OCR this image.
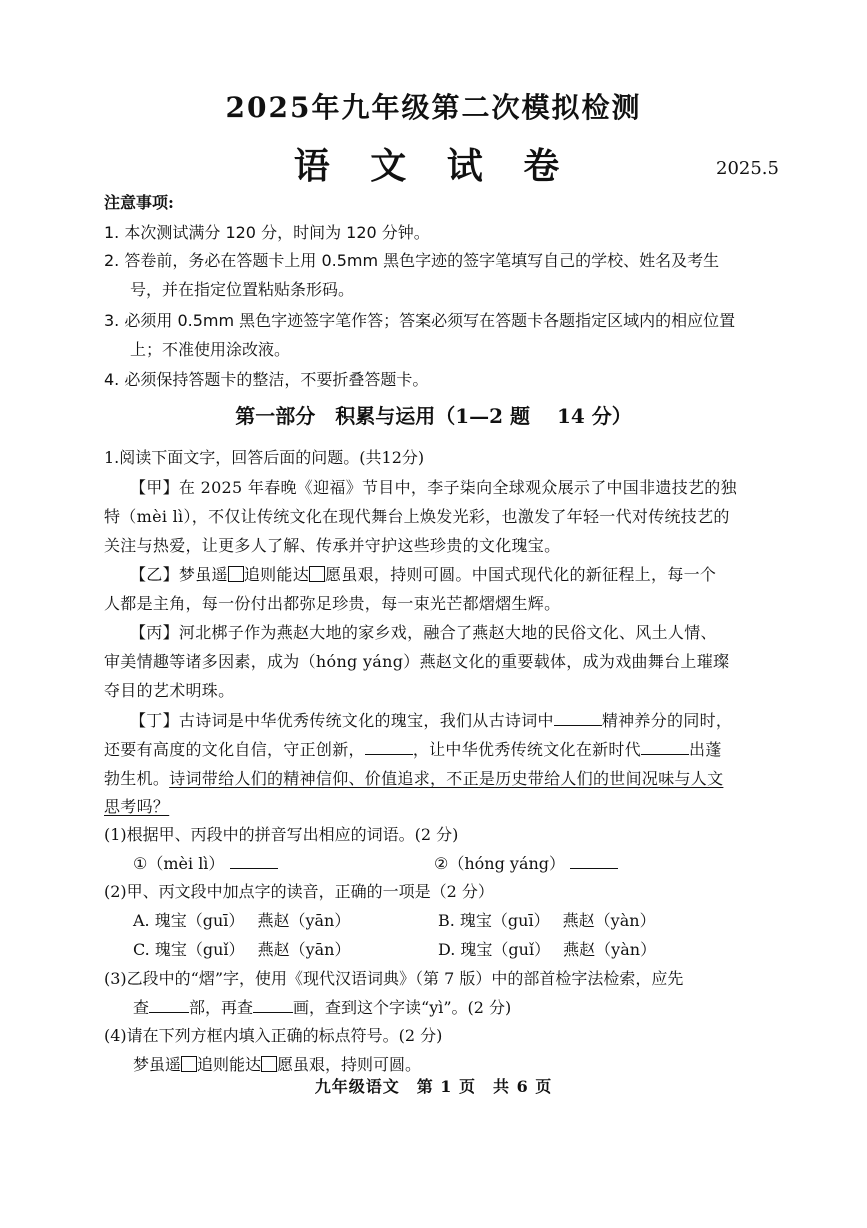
2025年九年级第二次模拟检测
语 文 试 卷	2025.5
注意事项:
1. 本次测试满分 120 分，时间为 120 分钟。
2. 答卷前，务必在答题卡上用 0.5mm 黑色字迹的签字笔填写自己的学校、姓名及考生
号，并在指定位置粘贴条形码。
3. 必须用 0.5mm 黑色字迹签字笔作答；答案必须写在答题卡各题指定区域内的相应位置
上；不准使用涂改液。
4. 必须保持答题卡的整洁，不要折叠答题卡。
第一部分　积累与运用（1—2 题　 14 分）
1.阅读下面文字，回答后面的问题。(共12分)
【甲】在 2025 年春晚《迎福》节目中，李子柒向全球观众展示了中国非遗技艺的独
特（mèi lì），不仅让传统文化在现代舞台上焕发光彩，也激发了年轻一代对传统技艺的
关注与热爱，让更多人了解、传承并守护这些珍贵的文化瑰宝。
【乙】梦虽遥 追则能达 愿虽艰，持则可圆。中国式现代化的新征程上，每一个
人都是主角，每一份付出都弥足珍贵，每一束光芒都熠熠生辉。
【丙】河北梆子作为燕赵大地的家乡戏，融合了燕赵大地的民俗文化、风土人情、
审美情趣等诸多因素，成为（hóng yáng）燕赵文化的重要载体，成为戏曲舞台上璀璨
夺目的艺术明珠。
【丁】古诗词是中华优秀传统文化的瑰宝，我们从古诗词中	精神养分的同时，
还要有高度的文化自信，守正创新，	，让中华优秀传统文化在新时代	出蓬
勃生机。诗词带给人们的精神信仰、价值追求，不正是历史带给人们的世间况味与人文
思考吗？
(1)根据甲、丙段中的拼音写出相应的词语。(2 分)
①（mèi lì）	②（hóng yáng）
(2)甲、丙文段中加点字的读音，正确的一项是（2 分）
A. 瑰宝（guī）　 燕赵（yān）	B. 瑰宝（guī）　 燕赵（yàn）
C. 瑰宝（guǐ）　 燕赵（yān）	D. 瑰宝（guǐ）　 燕赵（yàn）
(3)乙段中的“熠”字，使用《现代汉语词典》（第 7 版）中的部首检字法检索，应先
查	部，再查	画，查到这个字读“yì”。(2 分)
(4)请在下列方框内填入正确的标点符号。(2 分)
梦虽遥 追则能达 愿虽艰，持则可圆。
九年级语文　第 1 页　共 6 页
